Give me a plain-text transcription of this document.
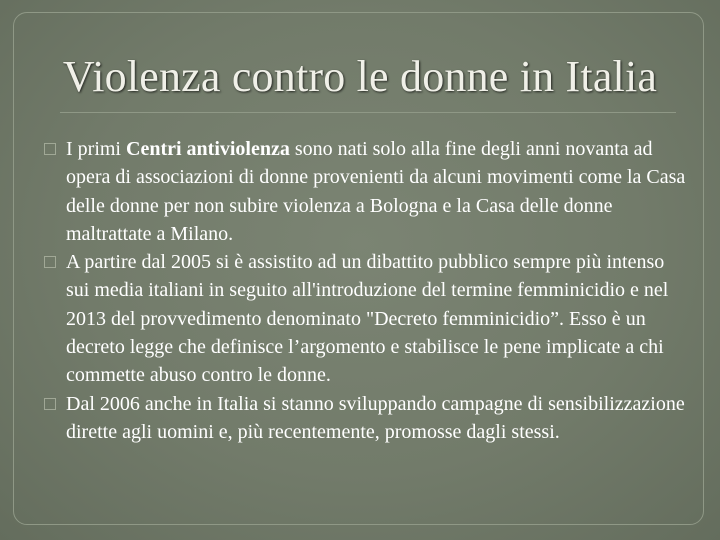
Violenza contro le donne in Italia
I primi Centri antiviolenza sono nati solo alla fine degli anni novanta ad opera di associazioni di donne provenienti da alcuni movimenti come la Casa delle donne per non subire violenza a Bologna e la Casa delle donne maltrattate a Milano.
A partire dal 2005 si è assistito ad un dibattito pubblico sempre più intenso sui media italiani in seguito all'introduzione del termine femminicidio e nel 2013 del provvedimento denominato "Decreto femminicidio”. Esso è un decreto legge che definisce l’argomento e stabilisce le pene implicate a chi commette abuso contro le donne.
Dal 2006 anche in Italia si stanno sviluppando campagne di sensibilizzazione dirette agli uomini e, più recentemente, promosse dagli stessi.
